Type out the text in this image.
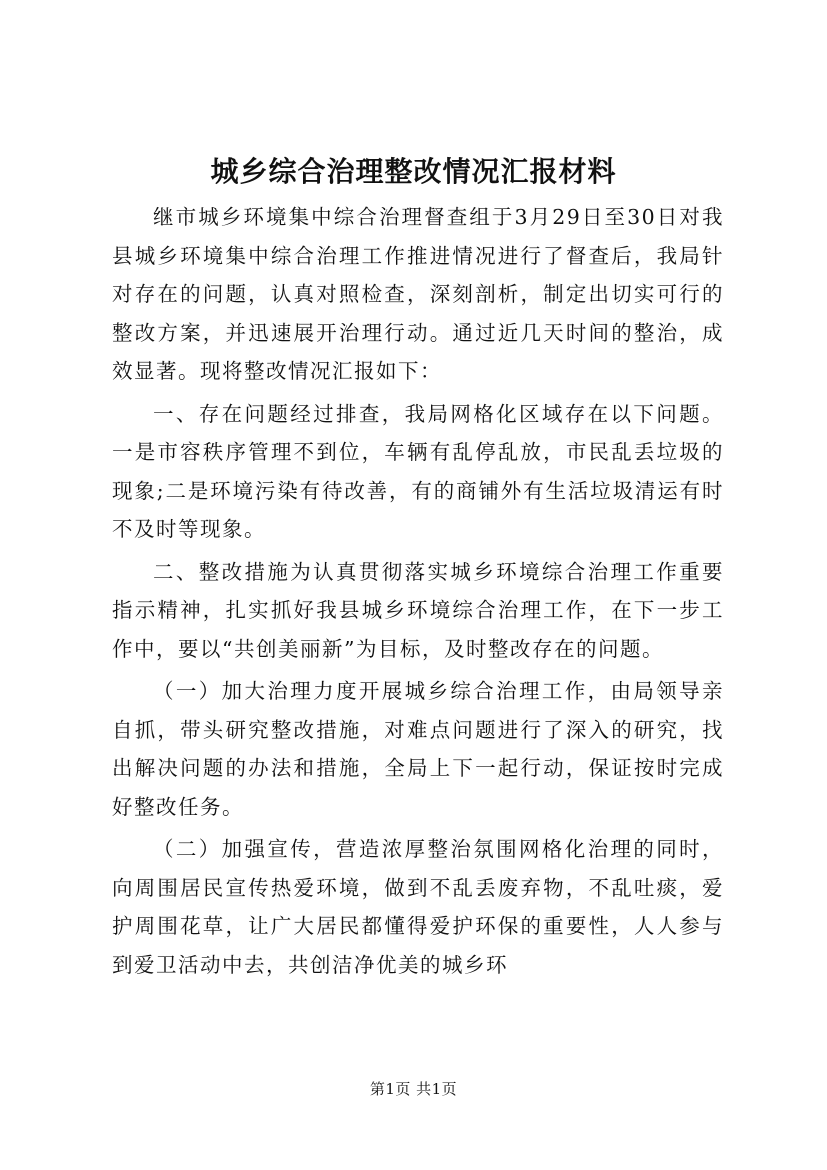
城乡综合治理整改情况汇报材料

继市城乡环境集中综合治理督查组于3月29日至30日对我县城乡环境集中综合治理工作推进情况进行了督查后，我局针对存在的问题，认真对照检查，深刻剖析，制定出切实可行的整改方案，并迅速展开治理行动。通过近几天时间的整治，成效显著。现将整改情况汇报如下：

一、存在问题经过排查，我局网格化区域存在以下问题。一是市容秩序管理不到位，车辆有乱停乱放，市民乱丢垃圾的现象;二是环境污染有待改善，有的商铺外有生活垃圾清运有时不及时等现象。

二、整改措施为认真贯彻落实城乡环境综合治理工作重要指示精神，扎实抓好我县城乡环境综合治理工作，在下一步工作中，要以“共创美丽新”为目标，及时整改存在的问题。

（一）加大治理力度开展城乡综合治理工作，由局领导亲自抓，带头研究整改措施，对难点问题进行了深入的研究，找出解决问题的办法和措施，全局上下一起行动，保证按时完成好整改任务。

（二）加强宣传，营造浓厚整治氛围网格化治理的同时，向周围居民宣传热爱环境，做到不乱丢废弃物，不乱吐痰，爱护周围花草，让广大居民都懂得爱护环保的重要性，人人参与到爱卫活动中去，共创洁净优美的城乡环

第1页 共1页
